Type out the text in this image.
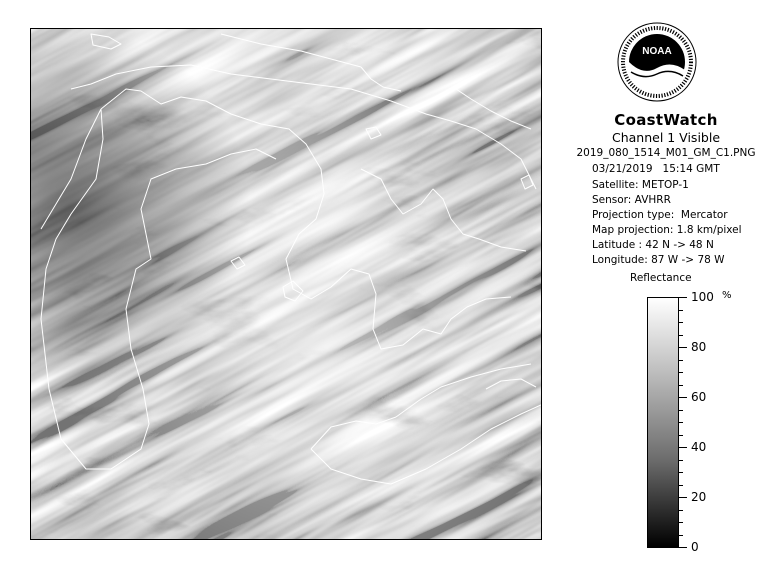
NOAA
CoastWatch
Channel 1 Visible
2019_080_1514_M01_GM_C1.PNG
03/21/2019   15:14 GMT
Satellite: METOP-1
Sensor: AVHRR
Projection type:  Mercator
Map projection: 1.8 km/pixel
Latitude : 42 N -> 48 N
Longitude: 87 W -> 78 W
Reflectance
%
100
80
60
40
20
0
